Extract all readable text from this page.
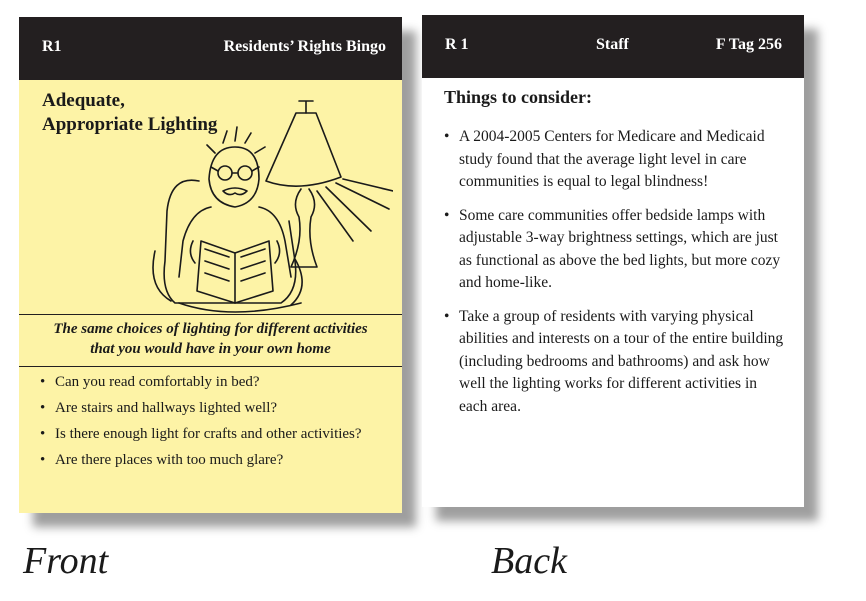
R1	Residents’ Rights Bingo
Adequate,
Appropriate Lighting
The same choices of lighting for different activities
that you would have in your own home
• Can you read comfortably in bed?
• Are stairs and hallways lighted well?
• Is there enough light for crafts and other activities?
• Are there places with too much glare?
R 1	Staff	F Tag 256
Things to consider:
• A 2004-2005 Centers for Medicare and Medicaid study found that the average light level in care communities is equal to legal blindness!
• Some care communities offer bedside lamps with adjustable 3-way brightness settings, which are just as functional as above the bed lights, but more cozy and home-like.
• Take a group of residents with varying physical abilities and interests on a tour of the entire building (including bedrooms and bathrooms) and ask how well the lighting works for different activities in each area.
Front	Back
